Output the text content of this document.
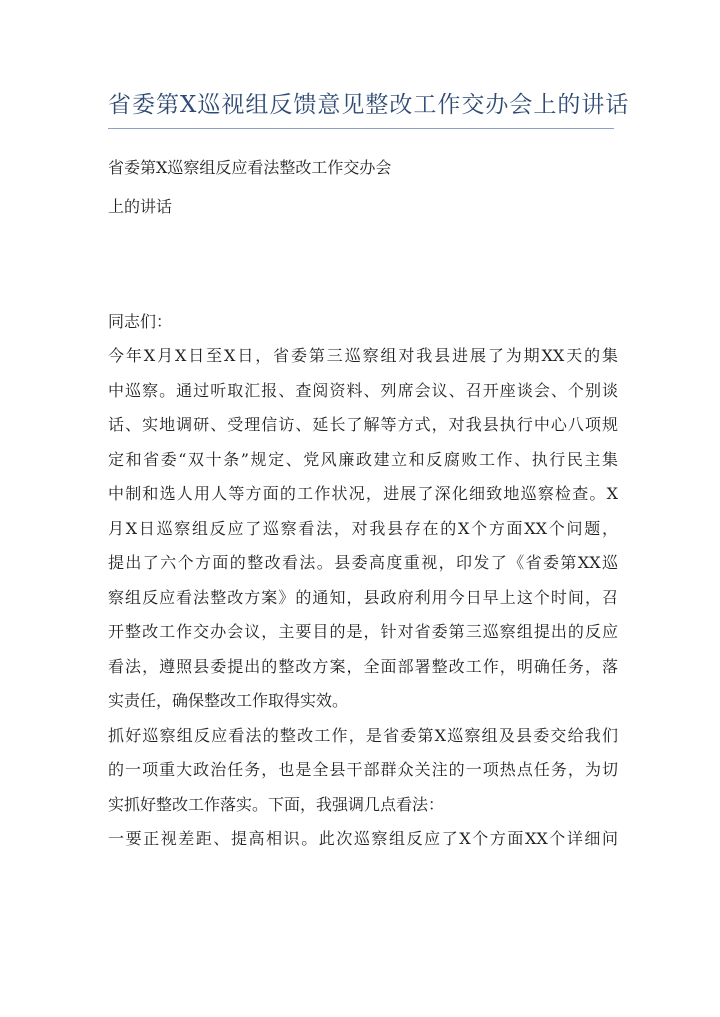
省委第X巡视组反馈意见整改工作交办会上的讲话
省委第X巡察组反应看法整改工作交办会
上的讲话
同志们：
今年X月X日至X日，省委第三巡察组对我县进展了为期XX天的集
中巡察。通过听取汇报、查阅资料、列席会议、召开座谈会、个别谈
话、实地调研、受理信访、延长了解等方式，对我县执行中心八项规
定和省委“双十条”规定、党风廉政建立和反腐败工作、执行民主集
中制和选人用人等方面的工作状况，进展了深化细致地巡察检查。X
月X日巡察组反应了巡察看法，对我县存在的X个方面XX个问题，
提出了六个方面的整改看法。县委高度重视，印发了《省委第XX巡
察组反应看法整改方案》的通知，县政府利用今日早上这个时间，召
开整改工作交办会议，主要目的是，针对省委第三巡察组提出的反应
看法，遵照县委提出的整改方案，全面部署整改工作，明确任务，落
实责任，确保整改工作取得实效。
抓好巡察组反应看法的整改工作，是省委第X巡察组及县委交给我们
的一项重大政治任务，也是全县干部群众关注的一项热点任务，为切
实抓好整改工作落实。下面，我强调几点看法：
一要正视差距、提高相识。此次巡察组反应了X个方面XX个详细问
